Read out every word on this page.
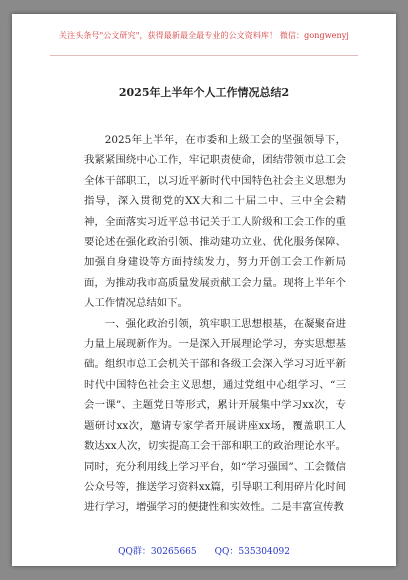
关注头条号"公文研究"，获得最新最全最专业的公文资料库！ 微信：gongwenyj
2025年上半年个人工作情况总结2

2025年上半年，在市委和上级工会的坚强领导下，我紧紧围绕中心工作，牢记职责使命，团结带领市总工会全体干部职工，以习近平新时代中国特色社会主义思想为指导，深入贯彻党的XX大和二十届二中、三中全会精神，全面落实习近平总书记关于工人阶级和工会工作的重要论述在强化政治引领、推动建功立业、优化服务保障、加强自身建设等方面持续发力，努力开创工会工作新局面，为推动我市高质量发展贡献工会力量。现将上半年个人工作情况总结如下。

一、强化政治引领，筑牢职工思想根基，在凝聚奋进力量上展现新作为。一是深入开展理论学习，夯实思想基础。组织市总工会机关干部和各级工会深入学习习近平新时代中国特色社会主义思想，通过党组中心组学习、“三会一课”、主题党日等形式，累计开展集中学习xx次，专题研讨xx次，邀请专家学者开展讲座xx场，覆盖职工人数达xx人次，切实提高工会干部和职工的政治理论水平。同时，充分利用线上学习平台，如“学习强国”、工会微信公众号等，推送学习资料xx篇，引导职工利用碎片化时间进行学习，增强学习的便捷性和实效性。二是丰富宣传教

QQ群：30265665 QQ：535304092
